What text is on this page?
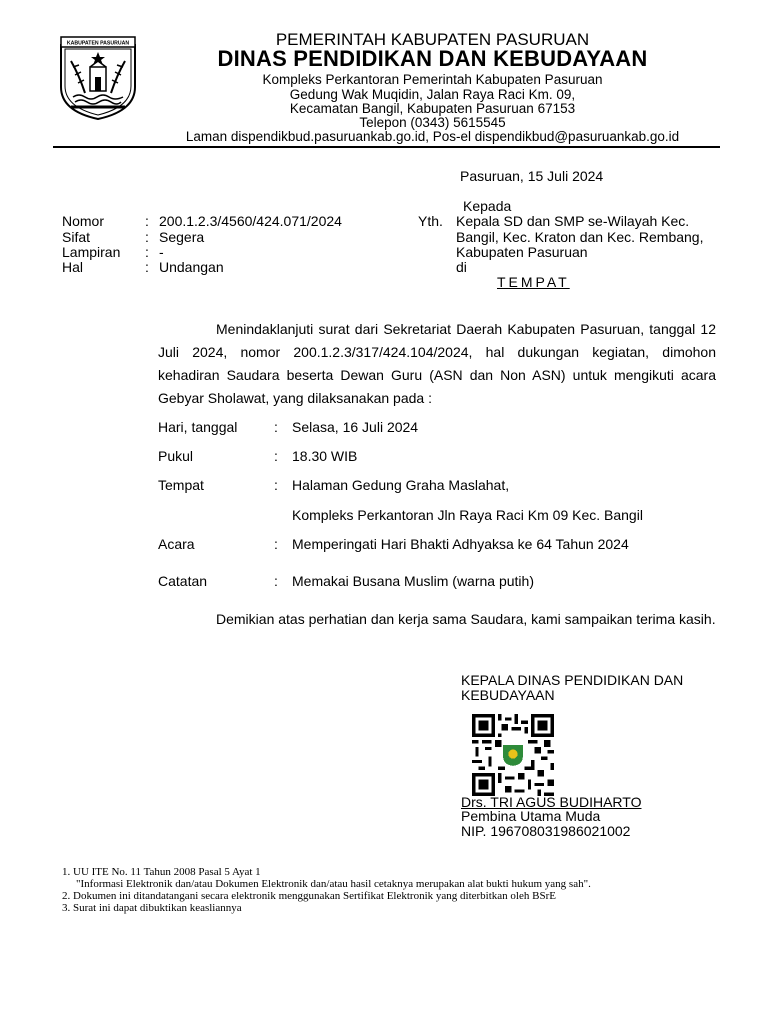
KABUPATEN PASURUAN	PEMERINTAH KABUPATEN PASURUAN
DINAS PENDIDIKAN DAN KEBUDAYAAN
Kompleks Perkantoran Pemerintah Kabupaten Pasuruan
Gedung Wak Muqidin, Jalan Raya Raci Km. 09,
Kecamatan Bangil, Kabupaten Pasuruan 67153
Telepon (0343) 5615545
Laman dispendikbud.pasuruankab.go.id, Pos-el dispendikbud@pasuruankab.go.id
Pasuruan, 15 Juli 2024
Kepada
Yth. Kepala SD dan SMP se-Wilayah Kec.
Bangil, Kec. Kraton dan Kec. Rembang,
Kabupaten Pasuruan
di
TEMPAT
Nomor	: 200.1.2.3/4560/424.071/2024
Sifat	: Segera
Lampiran : -
Hal	: Undangan
Menindaklanjuti surat dari Sekretariat Daerah Kabupaten Pasuruan, tanggal 12 Juli 2024, nomor 200.1.2.3/317/424.104/2024, hal dukungan kegiatan, dimohon kehadiran Saudara beserta Dewan Guru (ASN dan Non ASN) untuk mengikuti acara Gebyar Sholawat, yang dilaksanakan pada :
Hari, tanggal	: Selasa, 16 Juli 2024
Pukul	: 18.30 WIB
Tempat	: Halaman Gedung Graha Maslahat,
Kompleks Perkantoran Jln Raya Raci Km 09 Kec. Bangil
Acara	: Memperingati Hari Bhakti Adhyaksa ke 64 Tahun 2024
Catatan	: Memakai Busana Muslim (warna putih)
Demikian atas perhatian dan kerja sama Saudara, kami sampaikan terima kasih.
KEPALA DINAS PENDIDIKAN DAN
KEBUDAYAAN
Drs. TRI AGUS BUDIHARTO
Pembina Utama Muda
NIP. 196708031986021002
1. UU ITE No. 11 Tahun 2008 Pasal 5 Ayat 1
"Informasi Elektronik dan/atau Dokumen Elektronik dan/atau hasil cetaknya merupakan alat bukti hukum yang sah".
2. Dokumen ini ditandatangani secara elektronik menggunakan Sertifikat Elektronik yang diterbitkan oleh BSrE
3. Surat ini dapat dibuktikan keasliannya
